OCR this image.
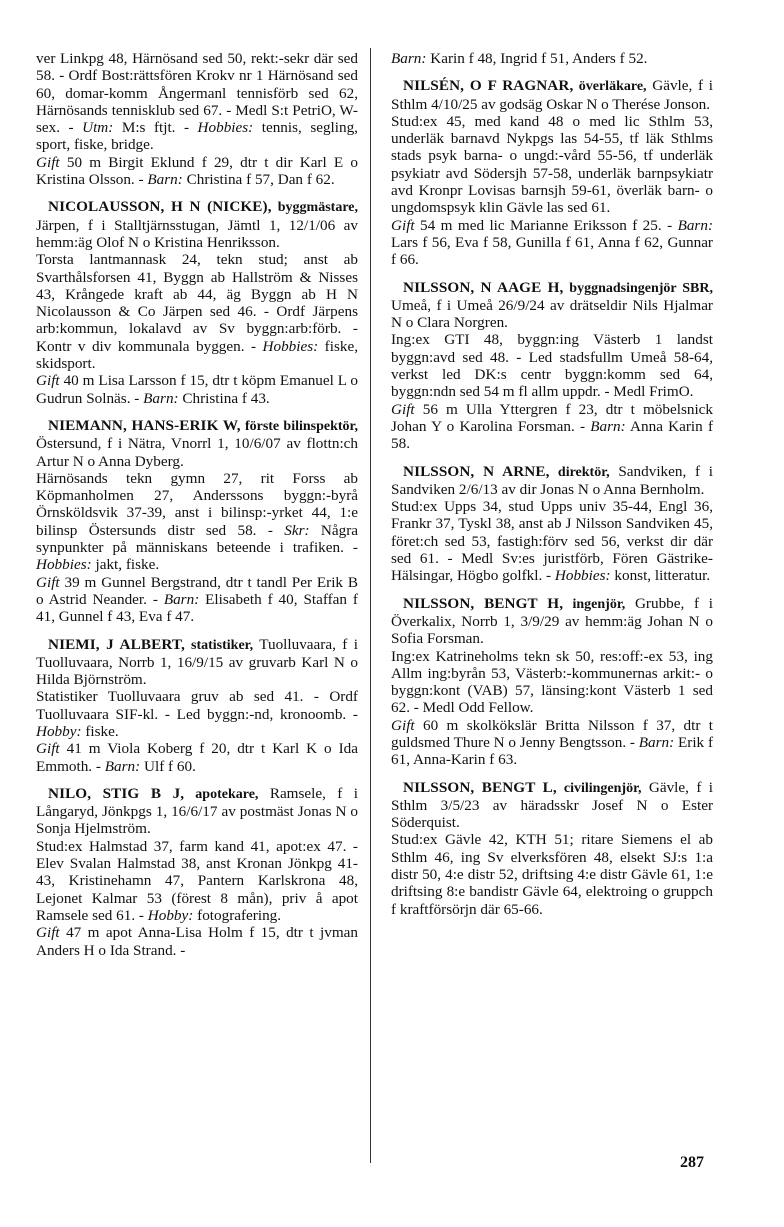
ver Linkpg 48, Härnösand sed 50, rekt:-sekr där sed 58. - Ordf Bost:rättsfören Krokv nr 1 Härnösand sed 60, domar-komm Ångermanl tennisförb sed 62, Härnösands tennisklub sed 67. - Medl S:t PetriO, W-sex. - Utm: M:s ftjt. - Hobbies: tennis, segling, sport, fiske, bridge.

Gift 50 m Birgit Eklund f 29, dtr t dir Karl E o Kristina Olsson. - Barn: Christina f 57, Dan f 62.

NICOLAUSSON, H N (NICKE), byggmästare, Järpen, f i Stalltjärnsstugan, Jämtl 1, 12/1/06 av hemm:äg Olof N o Kristina Henriksson.

Torsta lantmannask 24, tekn stud; anst ab Svarthålsforsen 41, Byggn ab Hallström & Nisses 43, Krångede kraft ab 44, äg Byggn ab H N Nicolausson & Co Järpen sed 46. - Ordf Järpens arb:kommun, lokalavd av Sv byggn:arb:förb. - Kontr v div kommunala byggen. - Hobbies: fiske, skidsport.

Gift 40 m Lisa Larsson f 15, dtr t köpm Emanuel L o Gudrun Solnäs. - Barn: Christina f 43.

NIEMANN, HANS-ERIK W, förste bilinspektör, Östersund, f i Nätra, Vnorrl 1, 10/6/07 av flottn:ch Artur N o Anna Dyberg.

Härnösands tekn gymn 27, rit Forss ab Köpmanholmen 27, Anderssons byggn:-byrå Örnsköldsvik 37-39, anst i bilinsp:-yrket 44, 1:e bilinsp Östersunds distr sed 58. - Skr: Några synpunkter på människans beteende i trafiken. - Hobbies: jakt, fiske.

Gift 39 m Gunnel Bergstrand, dtr t tandl Per Erik B o Astrid Neander. - Barn: Elisabeth f 40, Staffan f 41, Gunnel f 43, Eva f 47.

NIEMI, J ALBERT, statistiker, Tuolluvaara, f i Tuolluvaara, Norrb 1, 16/9/15 av gruvarb Karl N o Hilda Björnström.

Statistiker Tuolluvaara gruv ab sed 41. - Ordf Tuolluvaara SIF-kl. - Led byggn:-nd, kronoomb. - Hobby: fiske.

Gift 41 m Viola Koberg f 20, dtr t Karl K o Ida Emmoth. - Barn: Ulf f 60.

NILO, STIG B J, apotekare, Ramsele, f i Långaryd, Jönkpgs 1, 16/6/17 av postmäst Jonas N o Sonja Hjelmström.

Stud:ex Halmstad 37, farm kand 41, apot:ex 47. - Elev Svalan Halmstad 38, anst Kronan Jönkpg 41-43, Kristinehamn 47, Pantern Karlskrona 48, Lejonet Kalmar 53 (förest 8 mån), priv å apot Ramsele sed 61. - Hobby: fotografering.

Gift 47 m apot Anna-Lisa Holm f 15, dtr t jvman Anders H o Ida Strand. -

Barn: Karin f 48, Ingrid f 51, Anders f 52.

NILSÉN, O F RAGNAR, överläkare, Gävle, f i Sthlm 4/10/25 av godsäg Oskar N o Therése Jonson.

Stud:ex 45, med kand 48 o med lic Sthlm 53, underläk barnavd Nykpgs las 54-55, tf läk Sthlms stads psyk barna- o ungd:-vård 55-56, tf underläk psykiatr avd Södersjh 57-58, underläk barnpsykiatr avd Kronpr Lovisas barnsjh 59-61, överläk barn- o ungdomspsyk klin Gävle las sed 61.

Gift 54 m med lic Marianne Eriksson f 25. - Barn: Lars f 56, Eva f 58, Gunilla f 61, Anna f 62, Gunnar f 66.

NILSSON, N AAGE H, byggnadsingenjör SBR, Umeå, f i Umeå 26/9/24 av drätseldir Nils Hjalmar N o Clara Norgren.

Ing:ex GTI 48, byggn:ing Västerb 1 landst byggn:avd sed 48. - Led stadsfullm Umeå 58-64, verkst led DK:s centr byggn:komm sed 64, byggn:ndn sed 54 m fl allm uppdr. - Medl FrimO.

Gift 56 m Ulla Yttergren f 23, dtr t möbelsnick Johan Y o Karolina Forsman. - Barn: Anna Karin f 58.

NILSSON, N ARNE, direktör, Sandviken, f i Sandviken 2/6/13 av dir Jonas N o Anna Bernholm.

Stud:ex Upps 34, stud Upps univ 35-44, Engl 36, Frankr 37, Tyskl 38, anst ab J Nilsson Sandviken 45, föret:ch sed 53, fastigh:förv sed 56, verkst dir där sed 61. - Medl Sv:es juristförb, Fören Gästrike-Hälsingar, Högbo golfkl. - Hobbies: konst, litteratur.

NILSSON, BENGT H, ingenjör, Grubbe, f i Överkalix, Norrb 1, 3/9/29 av hemm:äg Johan N o Sofia Forsman.

Ing:ex Katrineholms tekn sk 50, res:off:-ex 53, ing Allm ing:byrån 53, Västerb:-kommunernas arkit:- o byggn:kont (VAB) 57, länsing:kont Västerb 1 sed 62. - Medl Odd Fellow.

Gift 60 m skolkökslär Britta Nilsson f 37, dtr t guldsmed Thure N o Jenny Bengtsson. - Barn: Erik f 61, Anna-Karin f 63.

NILSSON, BENGT L, civilingenjör, Gävle, f i Sthlm 3/5/23 av häradsskr Josef N o Ester Söderquist.

Stud:ex Gävle 42, KTH 51; ritare Siemens el ab Sthlm 46, ing Sv elverksfören 48, elsekt SJ:s 1:a distr 50, 4:e distr 52, driftsing 4:e distr Gävle 61, 1:e driftsing 8:e bandistr Gävle 64, elektroing o gruppch f kraftförsörjn där 65-66.

287
